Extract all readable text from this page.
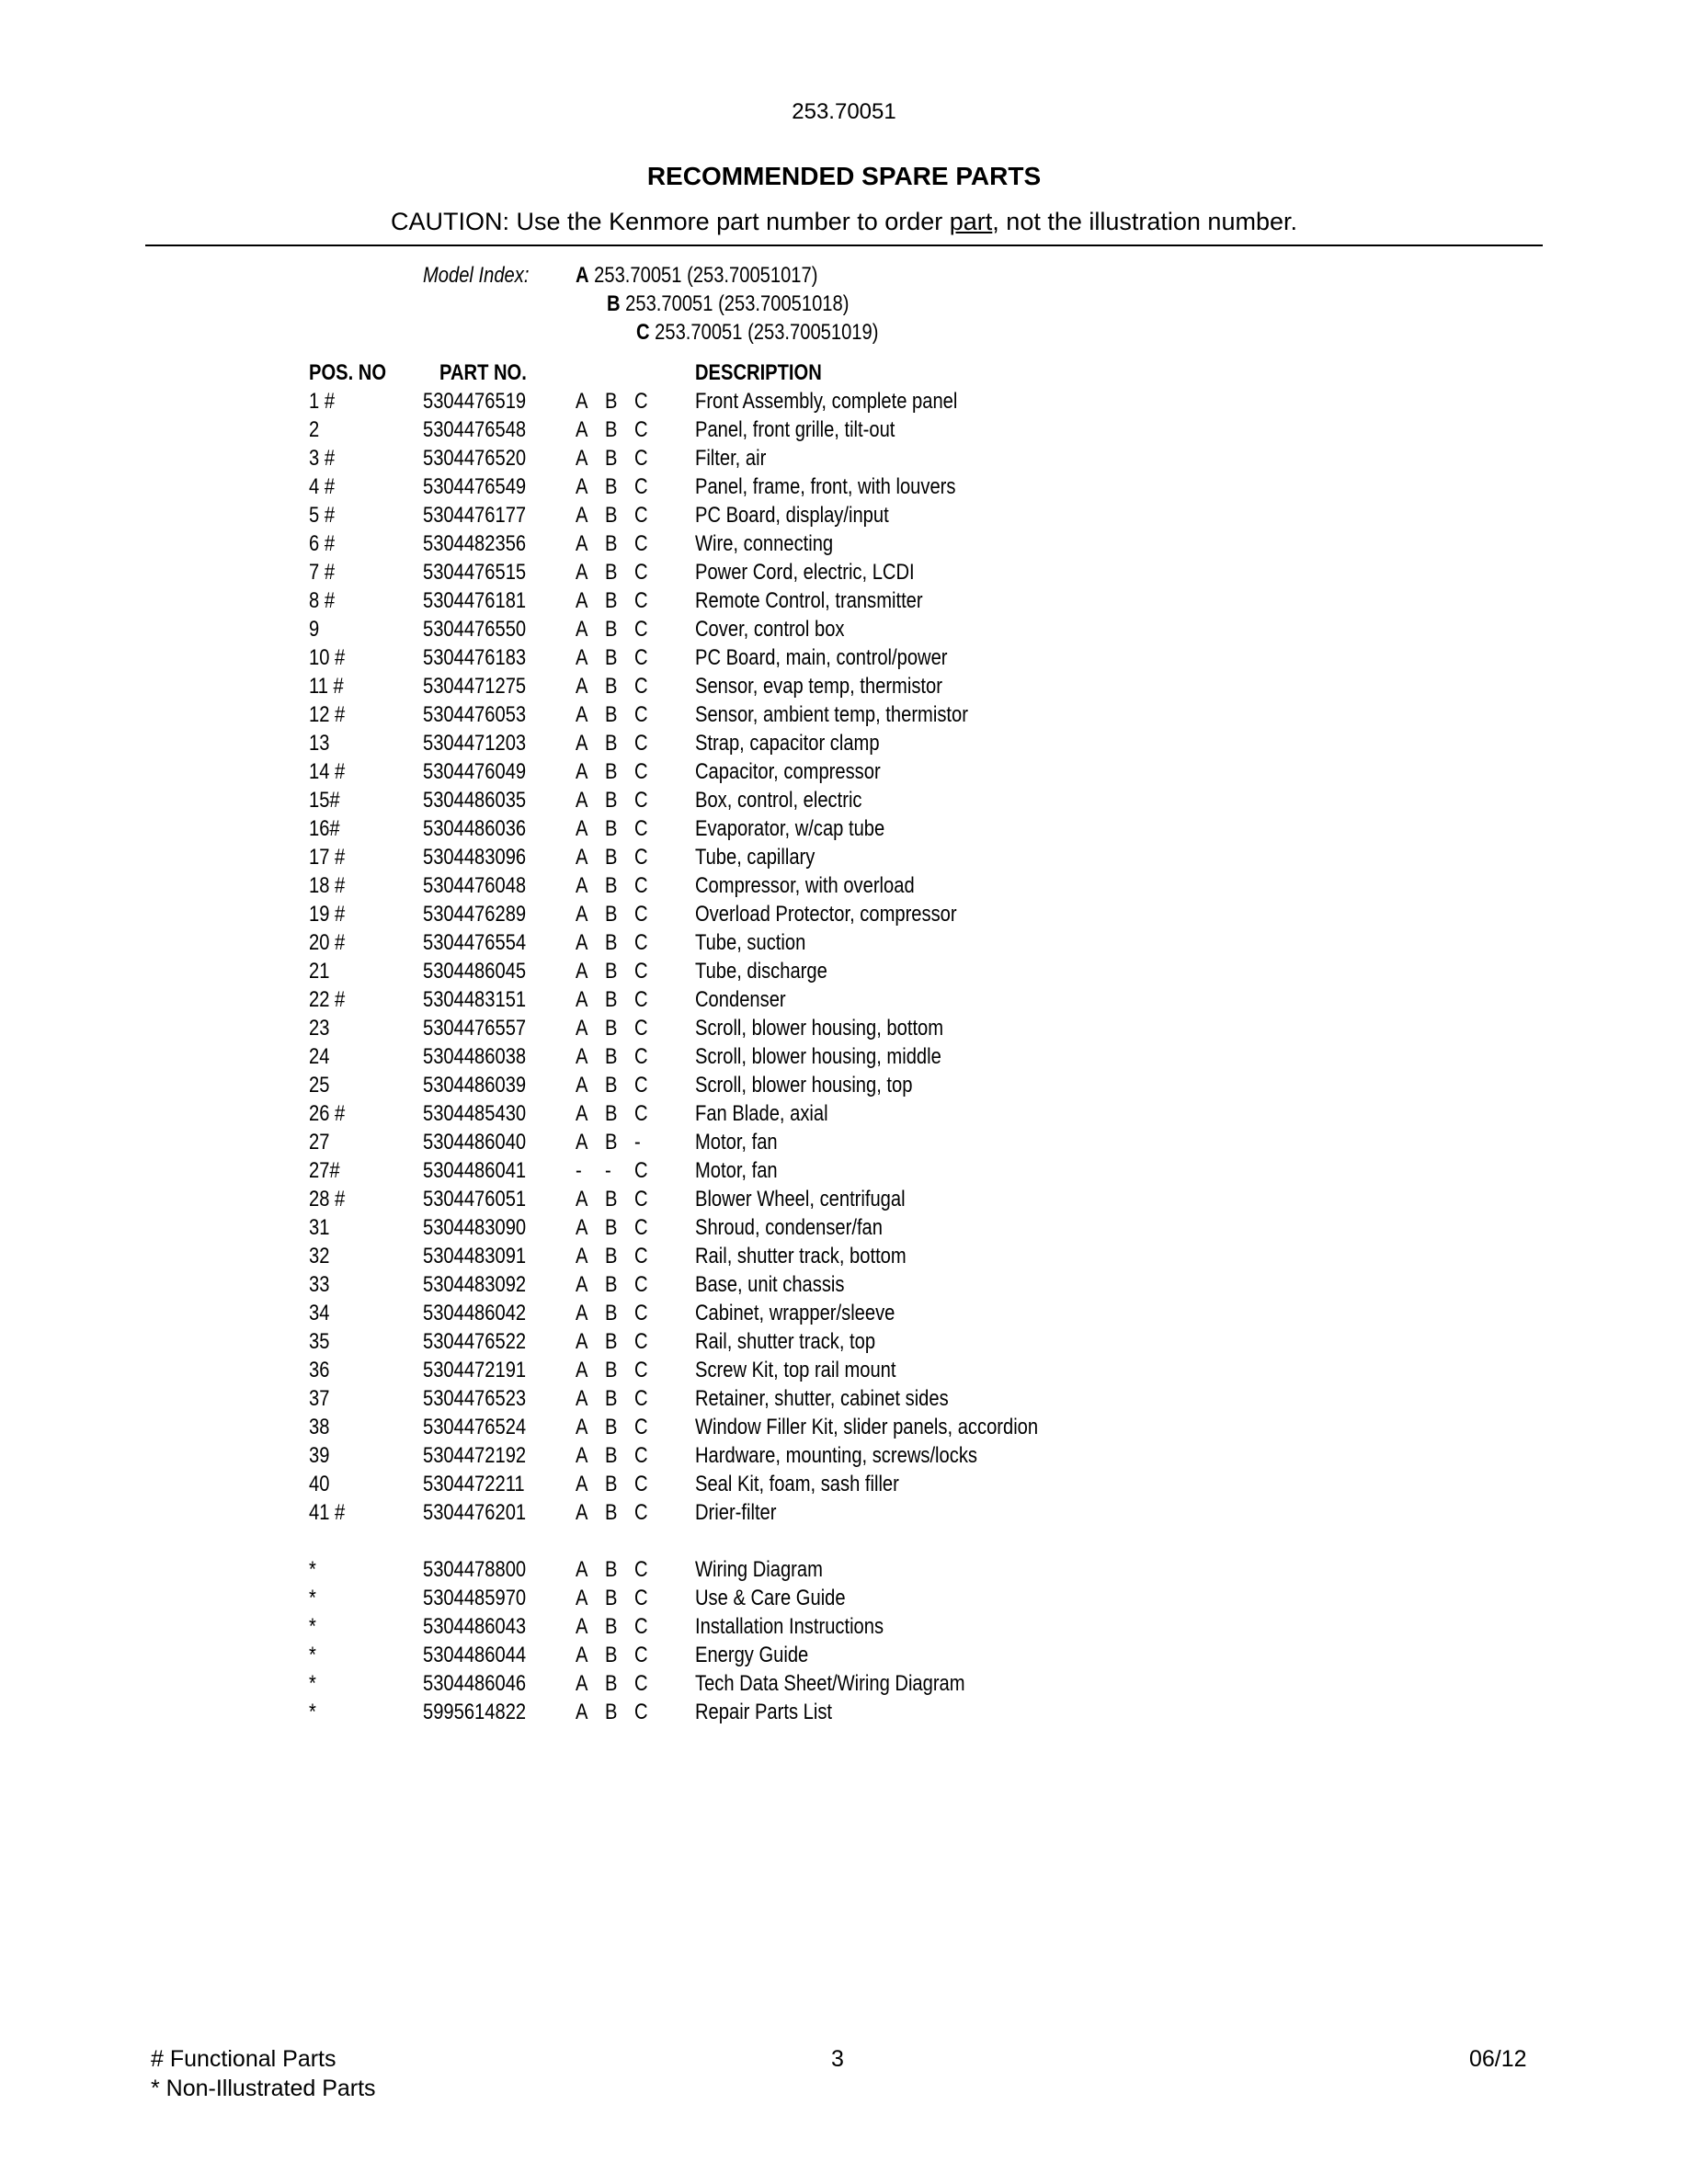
253.70051
RECOMMENDED SPARE PARTS
CAUTION: Use the Kenmore part number to order part, not the illustration number.
Model Index: A 253.70051 (253.70051017)
B 253.70051 (253.70051018)
C 253.70051 (253.70051019)
POS. NO PART NO.	DESCRIPTION
1 #	5304476519 A B C Front Assembly, complete panel
2	5304476548 A B C Panel, front grille, tilt-out
3 #	5304476520 A B C Filter, air
4 #	5304476549 A B C Panel, frame, front, with louvers
5 #	5304476177 A B C PC Board, display/input
6 #	5304482356 A B C Wire, connecting
7 #	5304476515 A B C Power Cord, electric, LCDI
8 #	5304476181 A B C Remote Control, transmitter
9	5304476550 A B C Cover, control box
10 #	5304476183 A B C PC Board, main, control/power
11 #	5304471275 A B C Sensor, evap temp, thermistor
12 #	5304476053 A B C Sensor, ambient temp, thermistor
13	5304471203 A B C Strap, capacitor clamp
14 #	5304476049 A B C Capacitor, compressor
15#	5304486035 A B C Box, control, electric
16#	5304486036 A B C Evaporator, w/cap tube
17 #	5304483096 A B C Tube, capillary
18 #	5304476048 A B C Compressor, with overload
19 #	5304476289 A B C Overload Protector, compressor
20 #	5304476554 A B C Tube, suction
21	5304486045 A B C Tube, discharge
22 #	5304483151 A B C Condenser
23	5304476557 A B C Scroll, blower housing, bottom
24	5304486038 A B C Scroll, blower housing, middle
25	5304486039 A B C Scroll, blower housing, top
26 #	5304485430 A B C Fan Blade, axial
27	5304486040 A B - Motor, fan
27#	5304486041 - - C Motor, fan
28 #	5304476051 A B C Blower Wheel, centrifugal
31	5304483090 A B C Shroud, condenser/fan
32	5304483091 A B C Rail, shutter track, bottom
33	5304483092 A B C Base, unit chassis
34	5304486042 A B C Cabinet, wrapper/sleeve
35	5304476522 A B C Rail, shutter track, top
36	5304472191 A B C Screw Kit, top rail mount
37	5304476523 A B C Retainer, shutter, cabinet sides
38	5304476524 A B C Window Filler Kit, slider panels, accordion
39	5304472192 A B C Hardware, mounting, screws/locks
40	5304472211 A B C Seal Kit, foam, sash filler
41 #	5304476201 A B C Drier-filter
*	5304478800 A B C Wiring Diagram
*	5304485970 A B C Use & Care Guide
*	5304486043 A B C Installation Instructions
*	5304486044 A B C Energy Guide
*	5304486046 A B C Tech Data Sheet/Wiring Diagram
*	5995614822 A B C Repair Parts List
# Functional Parts
* Non-Illustrated Parts
3	06/12
